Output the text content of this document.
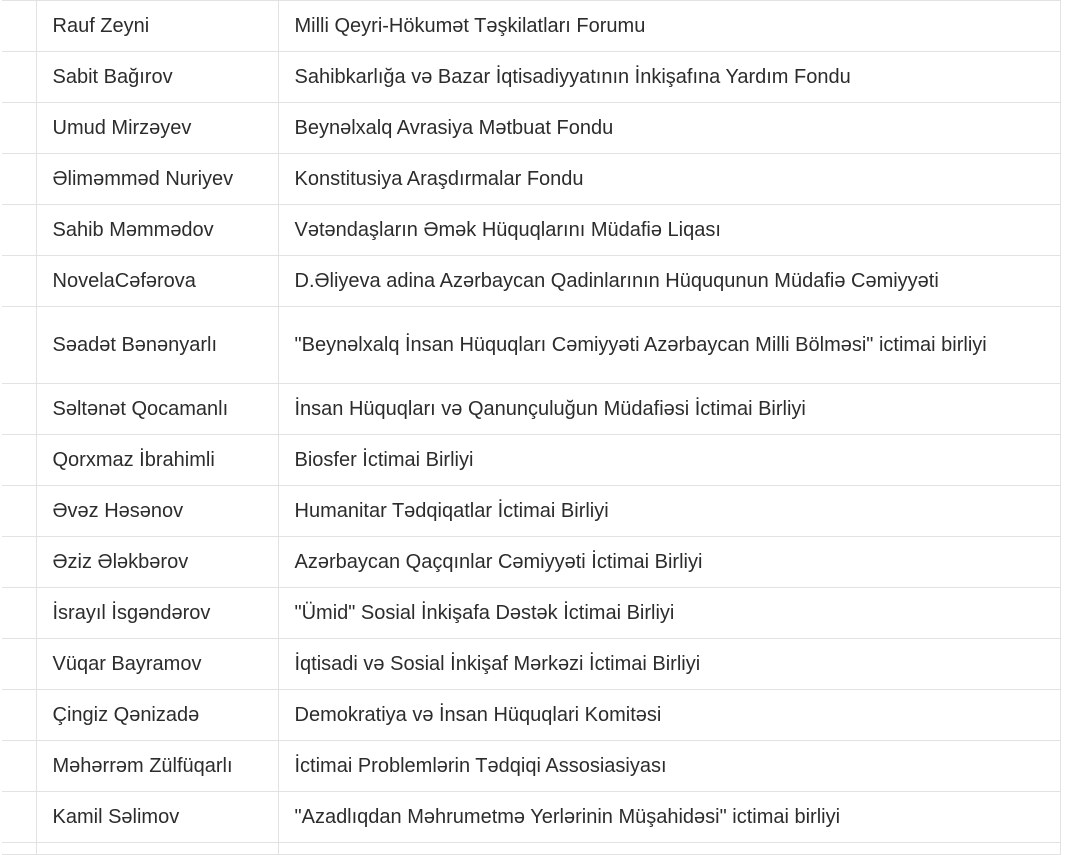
	Rauf Zeyni	Milli Qeyri-Hökumət Təşkilatları Forumu
	Sabit Bağırov	Sahibkarlığa və Bazar İqtisadiyyatının İnkişafına Yardım Fondu
	Umud Mirzəyev	Beynəlxalq Avrasiya Mətbuat Fondu
	Əliməmməd Nuriyev	Konstitusiya Araşdırmalar Fondu
	Sahib Məmmədov	Vətəndaşların Əmək Hüquqlarını Müdafiə Liqası
	NovelaCəfərova	D.Əliyeva adina Azərbaycan Qadinlarının Hüququnun Müdafiə Cəmiyyəti
	Səadət Bənənyarlı	"Beynəlxalq İnsan Hüquqları Cəmiyyəti Azərbaycan Milli Bölməsi" ictimai birliyi
	Səltənət Qocamanlı	İnsan Hüquqları və Qanunçuluğun Müdafiəsi İctimai Birliyi
	Qorxmaz İbrahimli	Biosfer İctimai Birliyi
	Əvəz Həsənov	Humanitar Tədqiqatlar İctimai Birliyi
	Əziz Ələkbərov	Azərbaycan Qaçqınlar Cəmiyyəti İctimai Birliyi
	İsrayıl İsgəndərov	"Ümid" Sosial İnkişafa Dəstək İctimai Birliyi
	Vüqar Bayramov	İqtisadi və Sosial İnkişaf Mərkəzi İctimai Birliyi
	Çingiz Qənizadə	Demokratiya və İnsan Hüquqlari Komitəsi
	Məhərrəm Zülfüqarlı	İctimai Problemlərin Tədqiqi Assosiasiyası
	Kamil Səlimov	"Azadlıqdan Məhrumetmə Yerlərinin Müşahidəsi" ictimai birliyi
